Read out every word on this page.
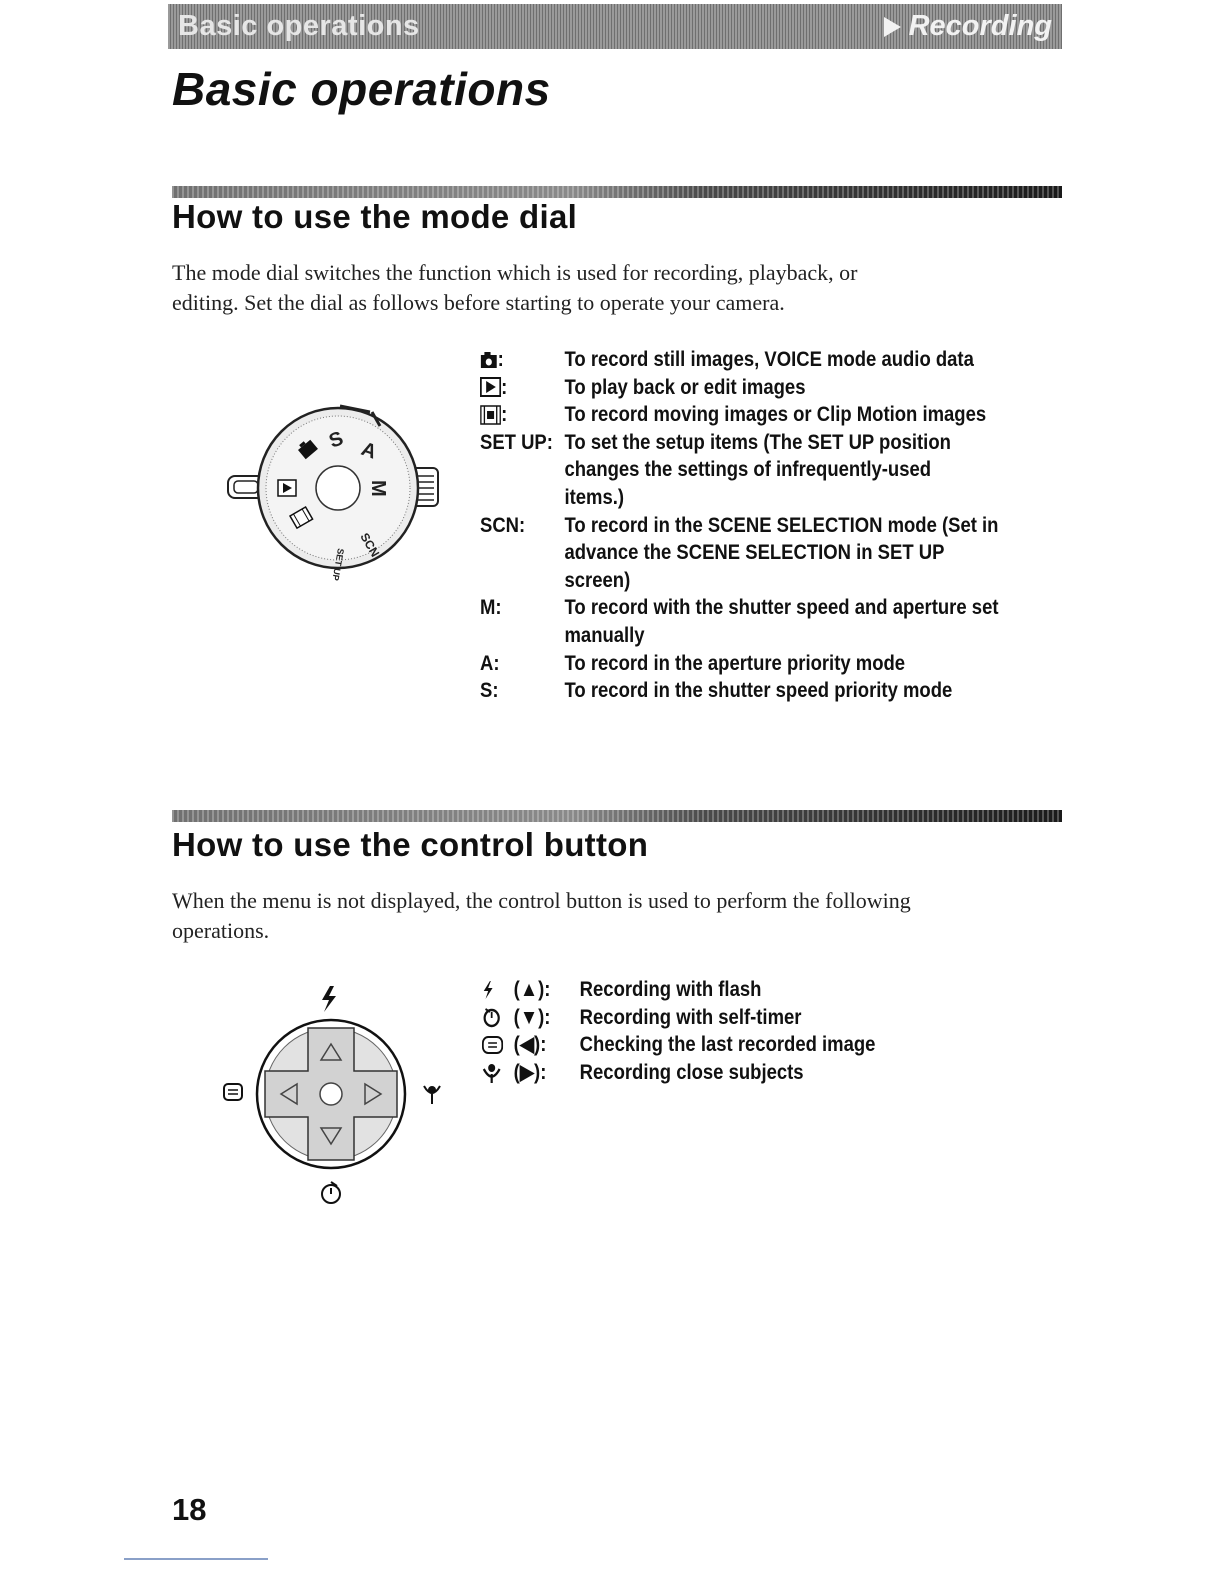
Basic operations	Recording
Basic operations
How to use the mode dial

The mode dial switches the function which is used for recording, playback, or
editing. Set the dial as follows before starting to operate your camera.

S A
M
SCN
SET UP
:	To record still images, VOICE mode audio data
:	To play back or edit images
:	To record moving images or Clip Motion images
SET UP: To set the setup items (The SET UP position
changes the settings of infrequently-used
items.)
SCN: To record in the SCENE SELECTION mode (Set in
advance the SCENE SELECTION in SET UP
screen)
M:	To record with the shutter speed and aperture set
manually
A:	To record in the aperture priority mode
S:	To record in the shutter speed priority mode
How to use the control button

When the menu is not displayed, the control button is used to perform the following
operations.

(▲):	Recording with flash
(▼):	Recording with self-timer
(◀):	Checking the last recorded image
(▶):	Recording close subjects
18
